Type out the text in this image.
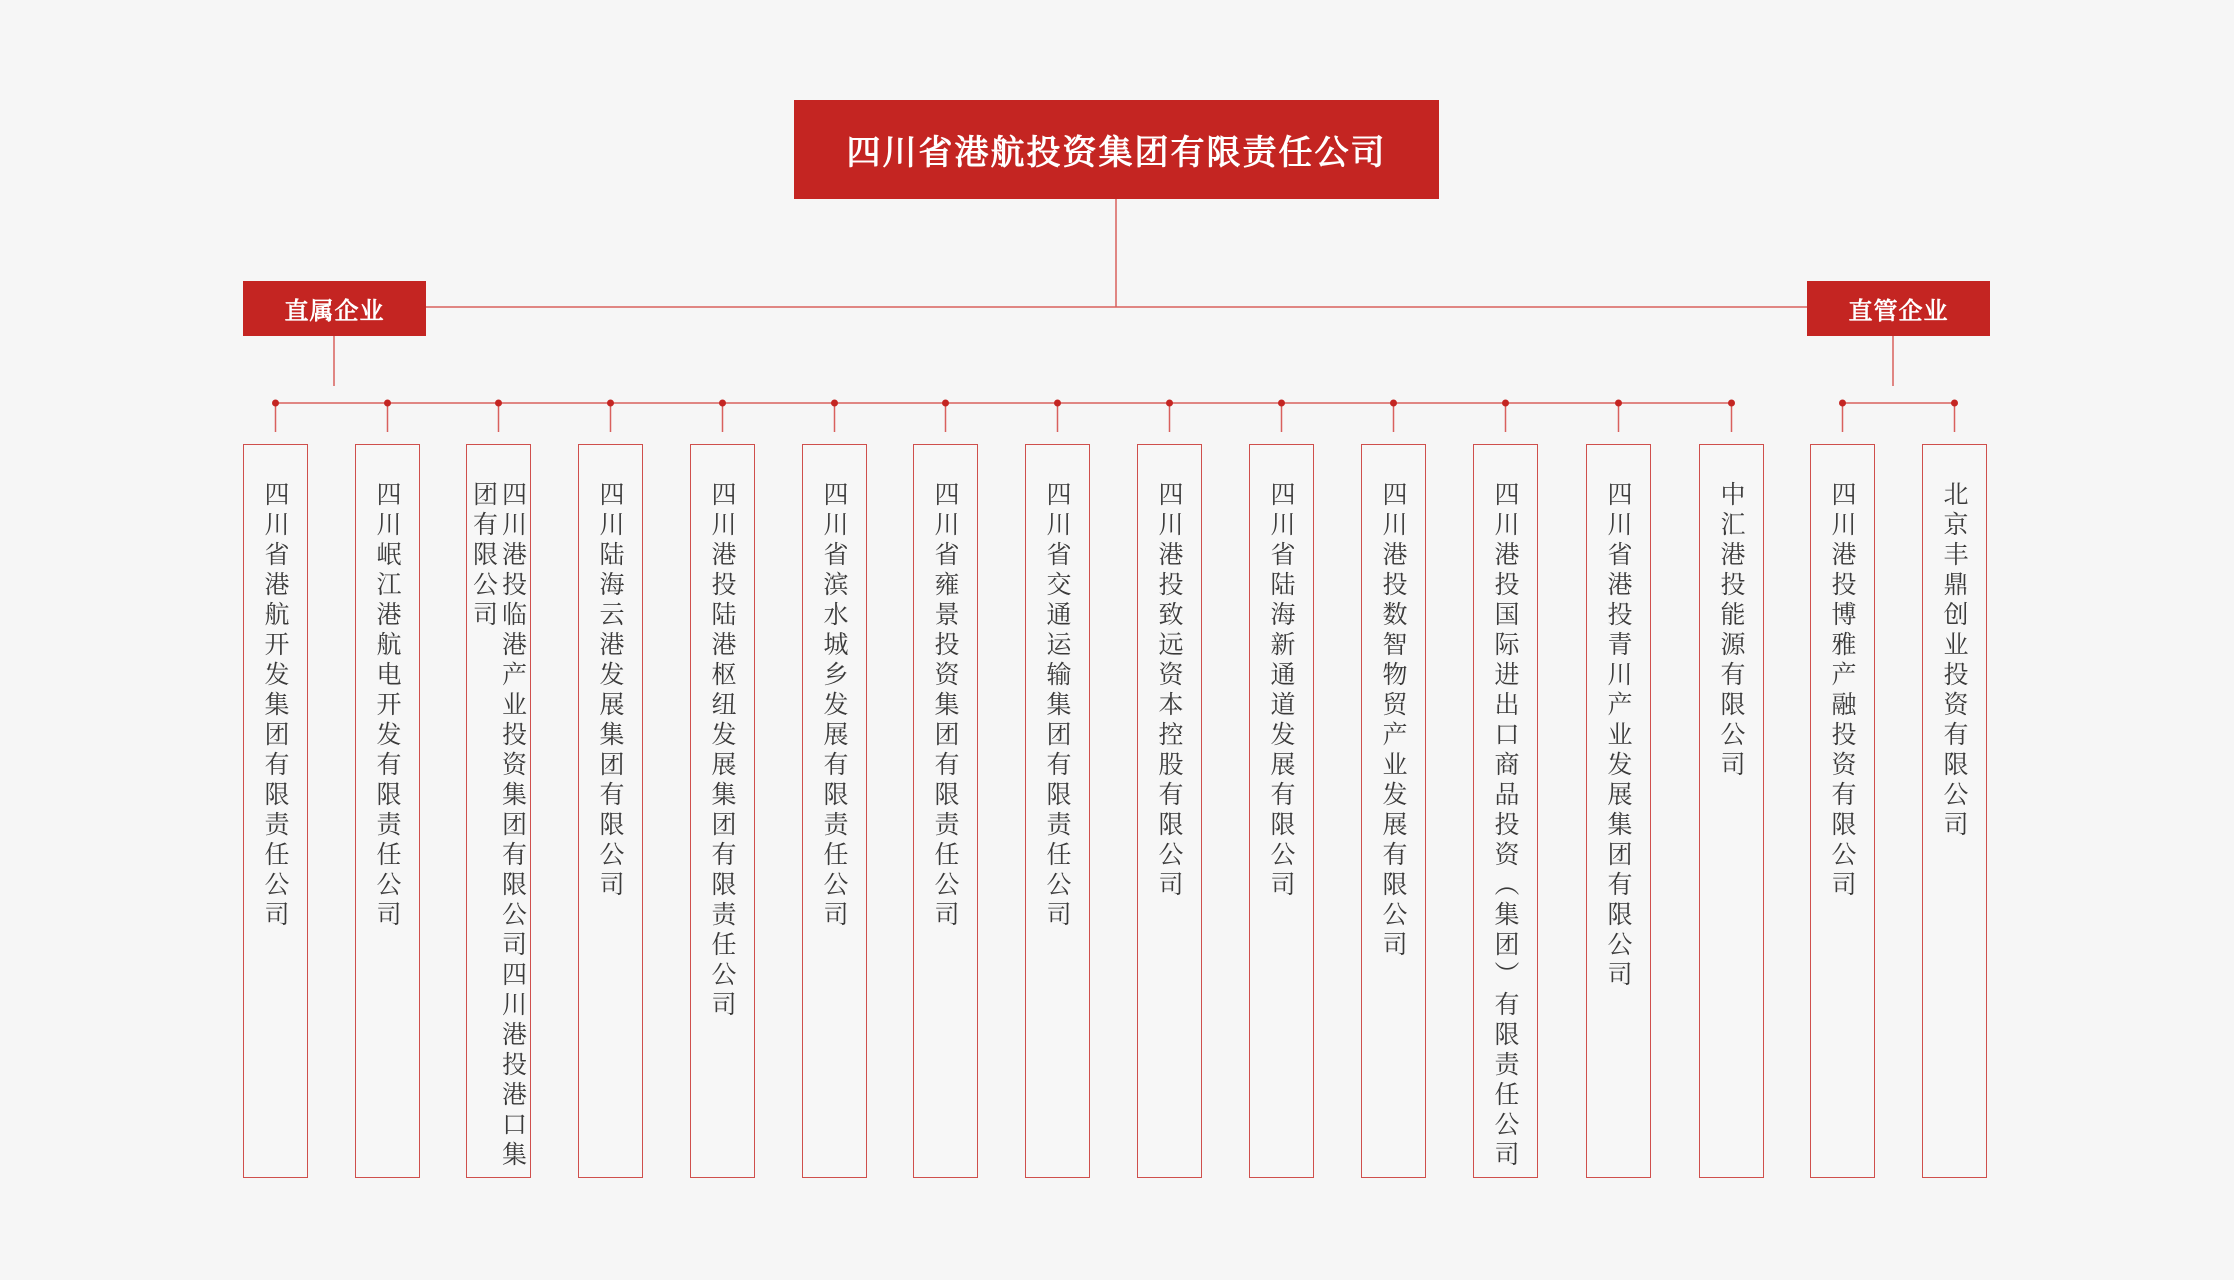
四川省港航投资集团有限责任公司
直属企业	直管企业
四川省港航开发集团有限责任公司	四川岷江港航电开发有限责任公司	四川港投临港产业投资集团有限公司四川港投港口集团有限公司	四川陆海云港发展集团有限公司	四川港投陆港枢纽发展集团有限责任公司	四川省滨水城乡发展有限责任公司	四川省雍景投资集团有限责任公司	四川省交通运输集团有限责任公司	四川港投致远资本控股有限公司	四川省陆海新通道发展有限公司	四川港投数智物贸产业发展有限公司	四川港投国际进出口商品投资（集团）有限责任公司	四川省港投青川产业发展集团有限公司	中汇港投能源有限公司	四川港投博雅产融投资有限公司	北京丰鼎创业投资有限公司
